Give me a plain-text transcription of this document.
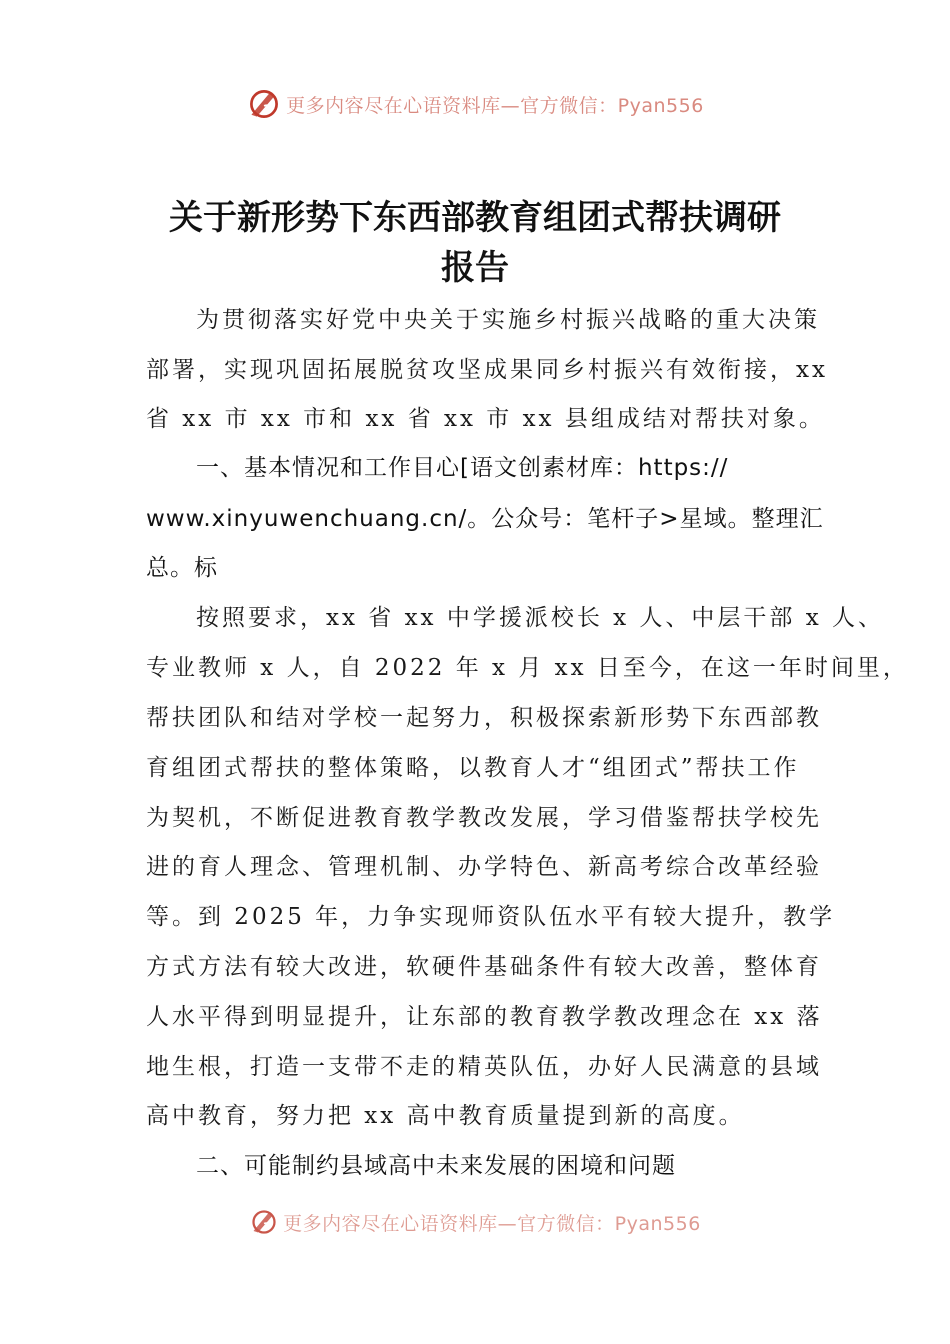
更多内容尽在心语资料库—官方微信：Pyan556
关于新形势下东西部教育组团式帮扶调研
报告
为贯彻落实好党中央关于实施乡村振兴战略的重大决策
部署，实现巩固拓展脱贫攻坚成果同乡村振兴有效衔接，xx
省 xx 市 xx 市和 xx 省 xx 市 xx 县组成结对帮扶对象。
一、基本情况和工作目心[语文创素材库：https://
www.xinyuwenchuang.cn/。公众号：笔杆子>星域。整理汇
总。标
按照要求，xx 省 xx 中学援派校长 x 人、中层干部 x 人、
专业教师 x 人，自 2022 年 x 月 xx 日至今，在这一年时间里，
帮扶团队和结对学校一起努力，积极探索新形势下东西部教
育组团式帮扶的整体策略，以教育人才“组团式”帮扶工作
为契机，不断促进教育教学教改发展，学习借鉴帮扶学校先
进的育人理念、管理机制、办学特色、新高考综合改革经验
等。到 2025 年，力争实现师资队伍水平有较大提升，教学
方式方法有较大改进，软硬件基础条件有较大改善，整体育
人水平得到明显提升，让东部的教育教学教改理念在 xx 落
地生根，打造一支带不走的精英队伍，办好人民满意的县域
高中教育，努力把 xx 高中教育质量提到新的高度。
二、可能制约县域高中未来发展的困境和问题
更多内容尽在心语资料库—官方微信：Pyan556
